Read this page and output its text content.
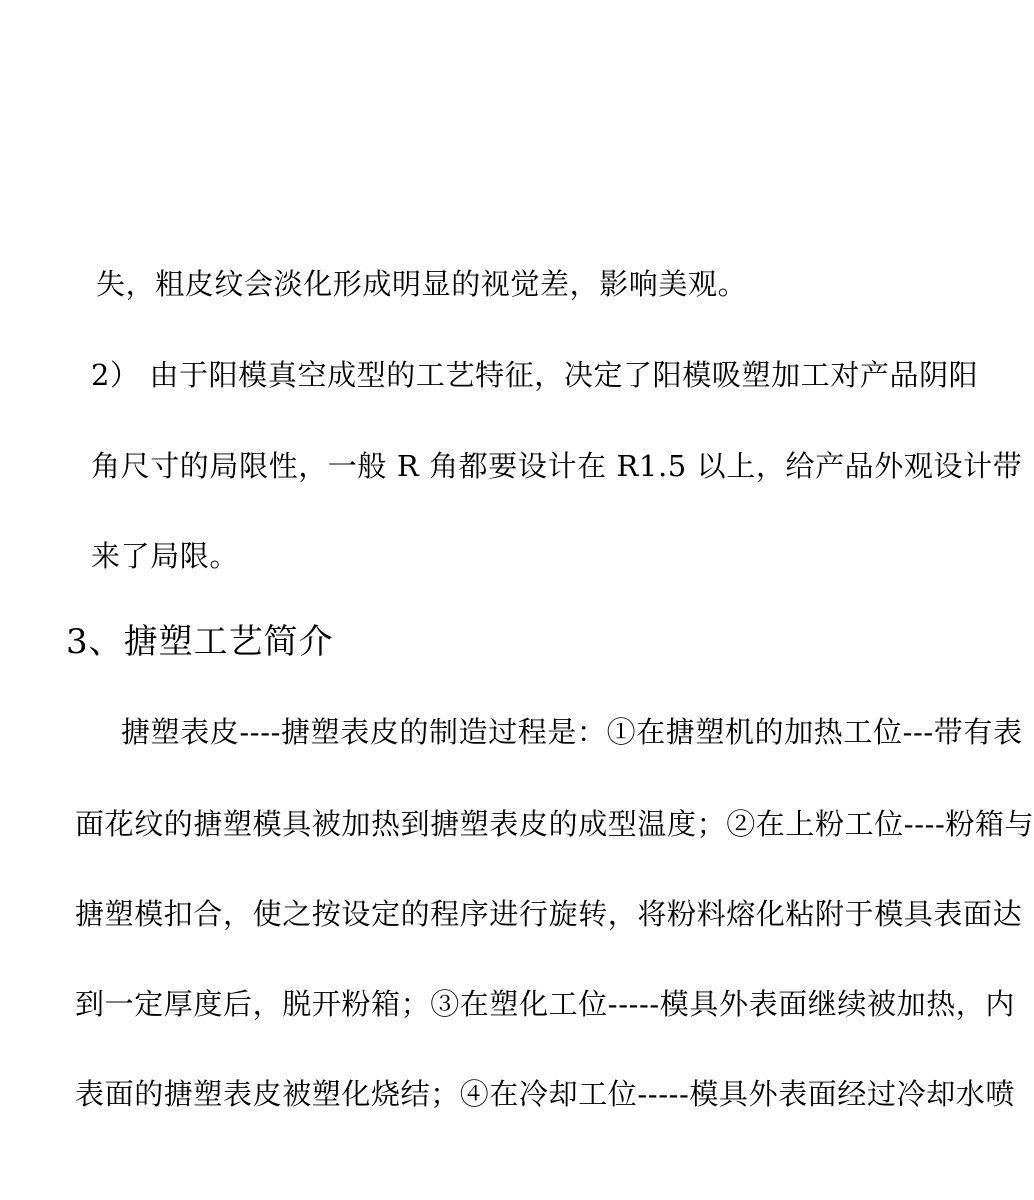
失，粗皮纹会淡化形成明显的视觉差，影响美观。
2） 由于阳模真空成型的工艺特征，决定了阳模吸塑加工对产品阴阳
角尺寸的局限性，一般 R 角都要设计在 R1.5 以上，给产品外观设计带
来了局限。
3、搪塑工艺简介
搪塑表皮----搪塑表皮的制造过程是：①在搪塑机的加热工位---带有表
面花纹的搪塑模具被加热到搪塑表皮的成型温度；②在上粉工位----粉箱与
搪塑模扣合，使之按设定的程序进行旋转，将粉料熔化粘附于模具表面达
到一定厚度后，脱开粉箱；③在塑化工位-----模具外表面继续被加热，内
表面的搪塑表皮被塑化烧结；④在冷却工位-----模具外表面经过冷却水喷
